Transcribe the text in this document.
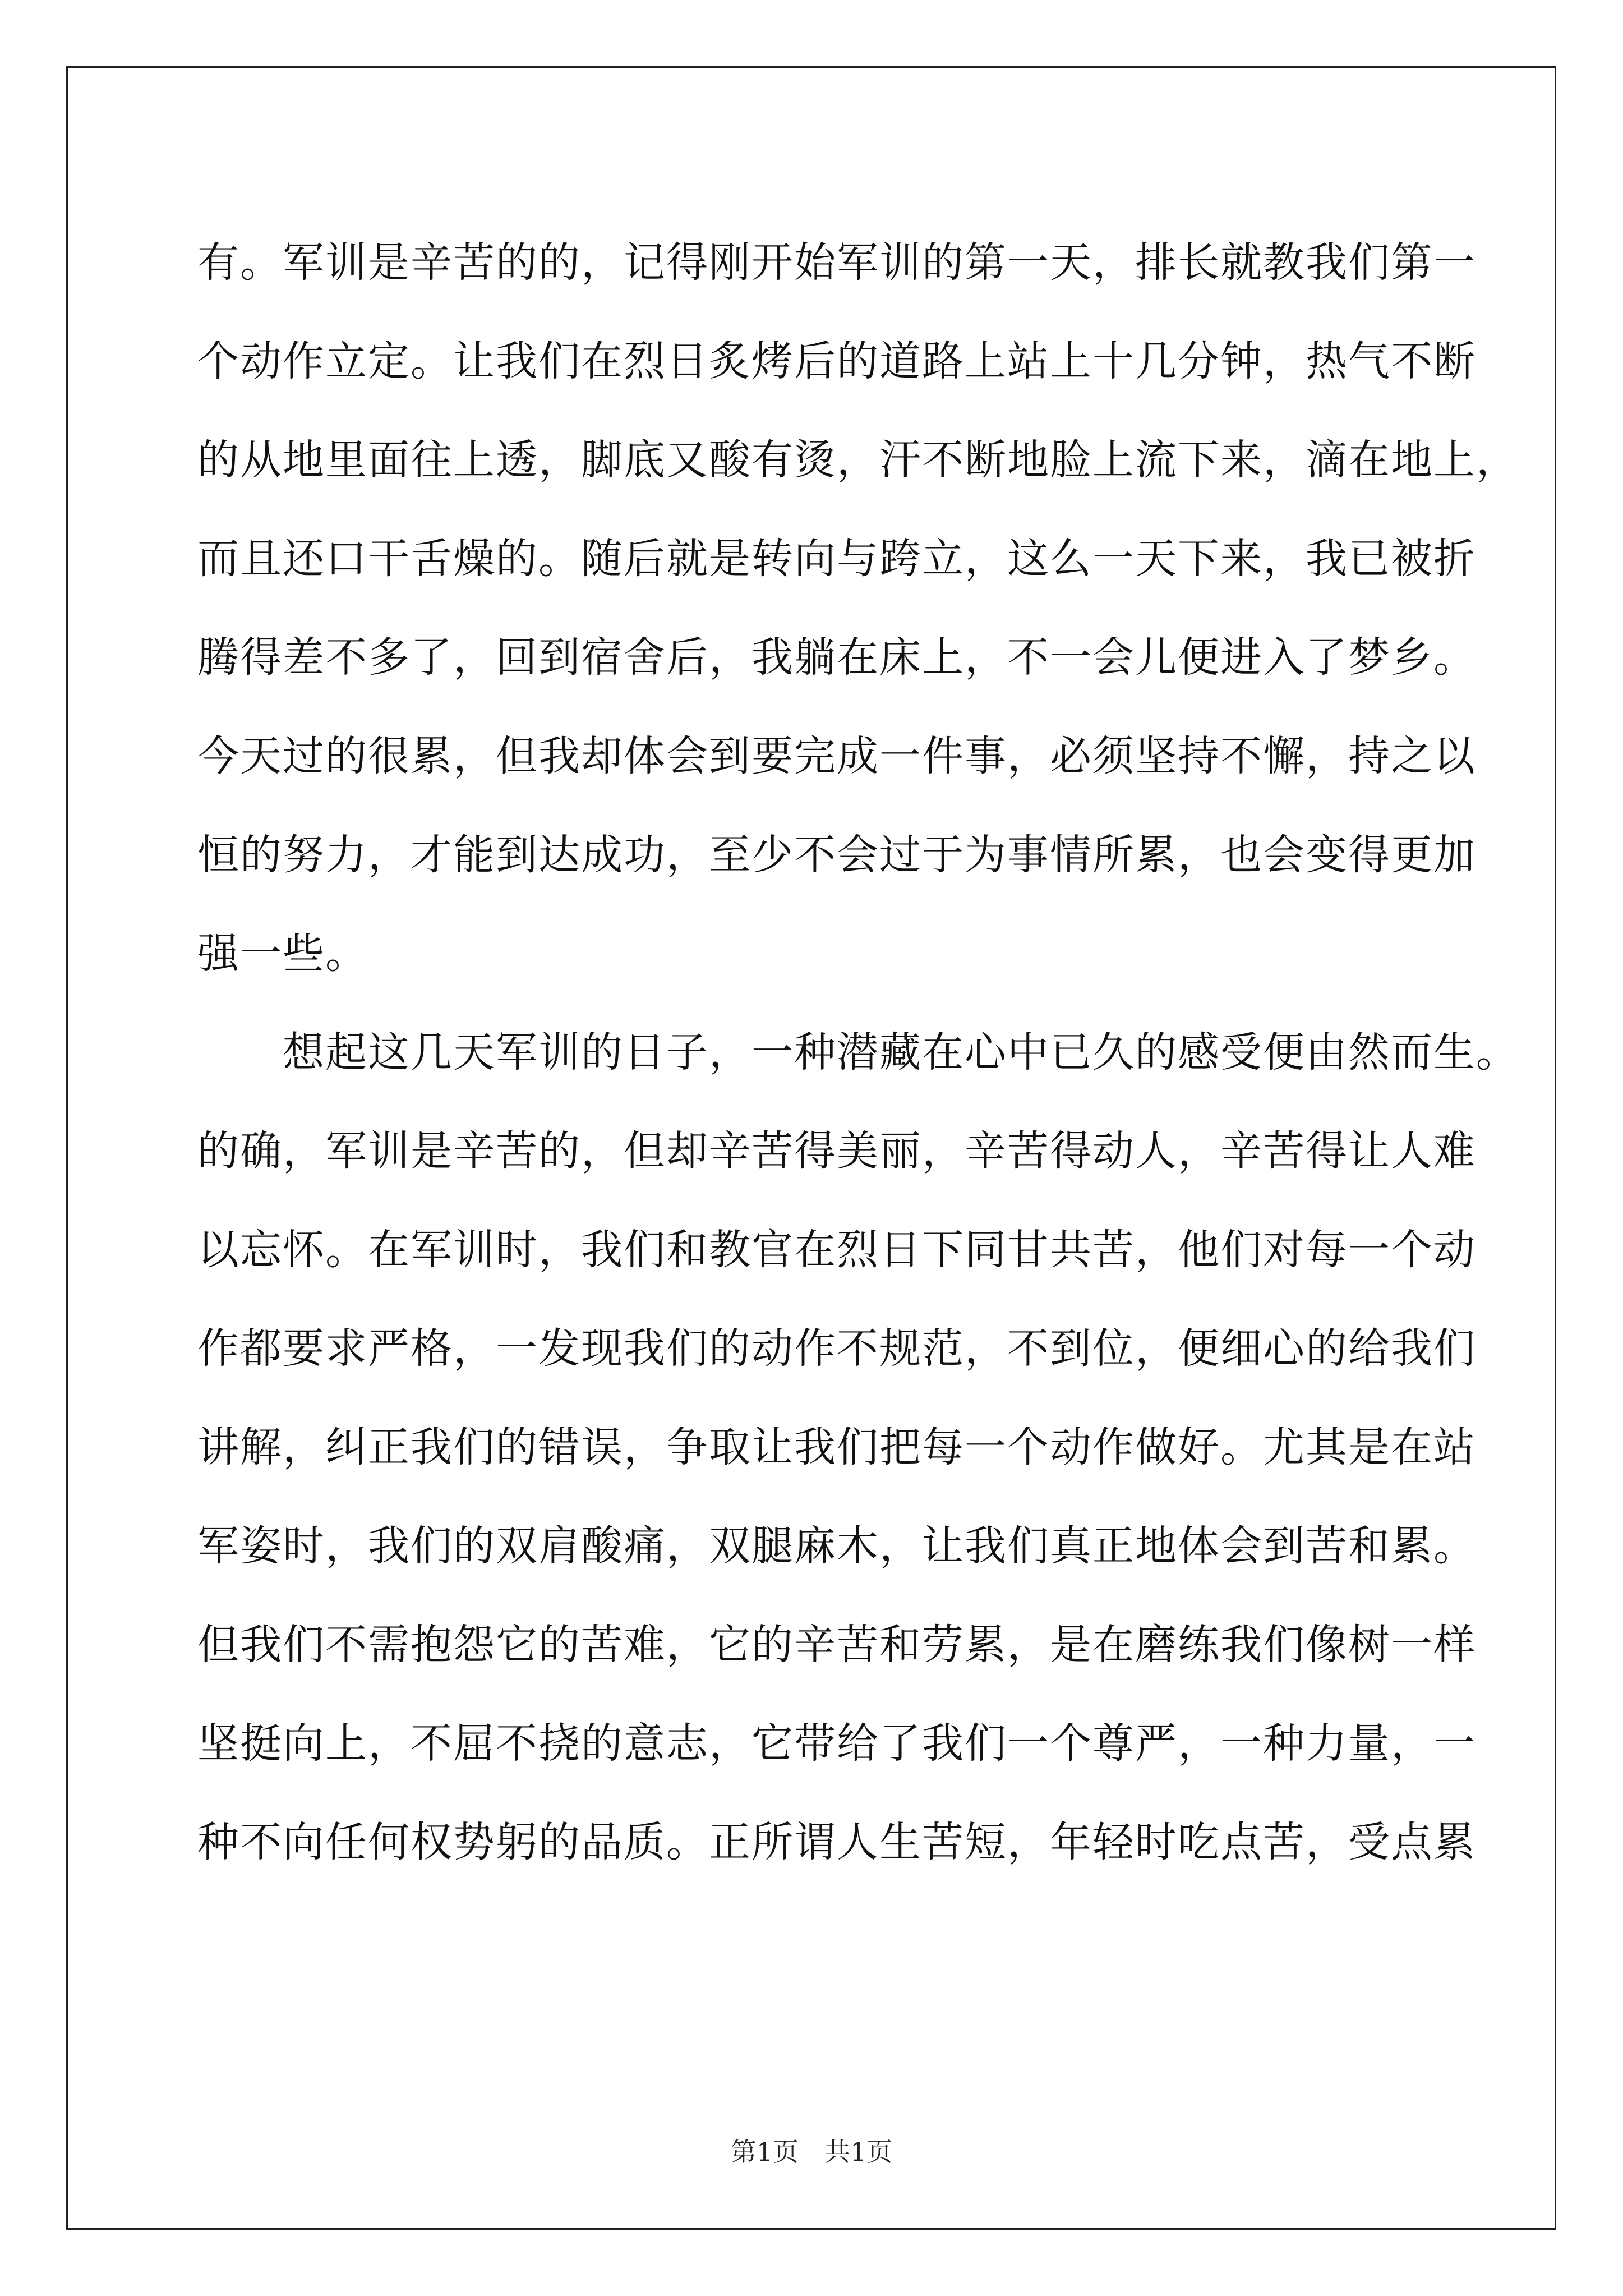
有。军训是辛苦的的，记得刚开始军训的第一天，排长就教我们第一
个动作立定。让我们在烈日炙烤后的道路上站上十几分钟，热气不断
的从地里面往上透，脚底又酸有烫，汗不断地脸上流下来，滴在地上，
而且还口干舌燥的。随后就是转向与跨立，这么一天下来，我已被折
腾得差不多了，回到宿舍后，我躺在床上，不一会儿便进入了梦乡。
今天过的很累，但我却体会到要完成一件事，必须坚持不懈，持之以
恒的努力，才能到达成功，至少不会过于为事情所累，也会变得更加
强一些。
　　想起这几天军训的日子，一种潜藏在心中已久的感受便由然而生。
的确，军训是辛苦的，但却辛苦得美丽，辛苦得动人，辛苦得让人难
以忘怀。在军训时，我们和教官在烈日下同甘共苦，他们对每一个动
作都要求严格，一发现我们的动作不规范，不到位，便细心的给我们
讲解，纠正我们的错误，争取让我们把每一个动作做好。尤其是在站
军姿时，我们的双肩酸痛，双腿麻木，让我们真正地体会到苦和累。
但我们不需抱怨它的苦难，它的辛苦和劳累，是在磨练我们像树一样
坚挺向上，不屈不挠的意志，它带给了我们一个尊严，一种力量，一
种不向任何权势躬的品质。正所谓人生苦短，年轻时吃点苦，受点累
第1页　共1页
